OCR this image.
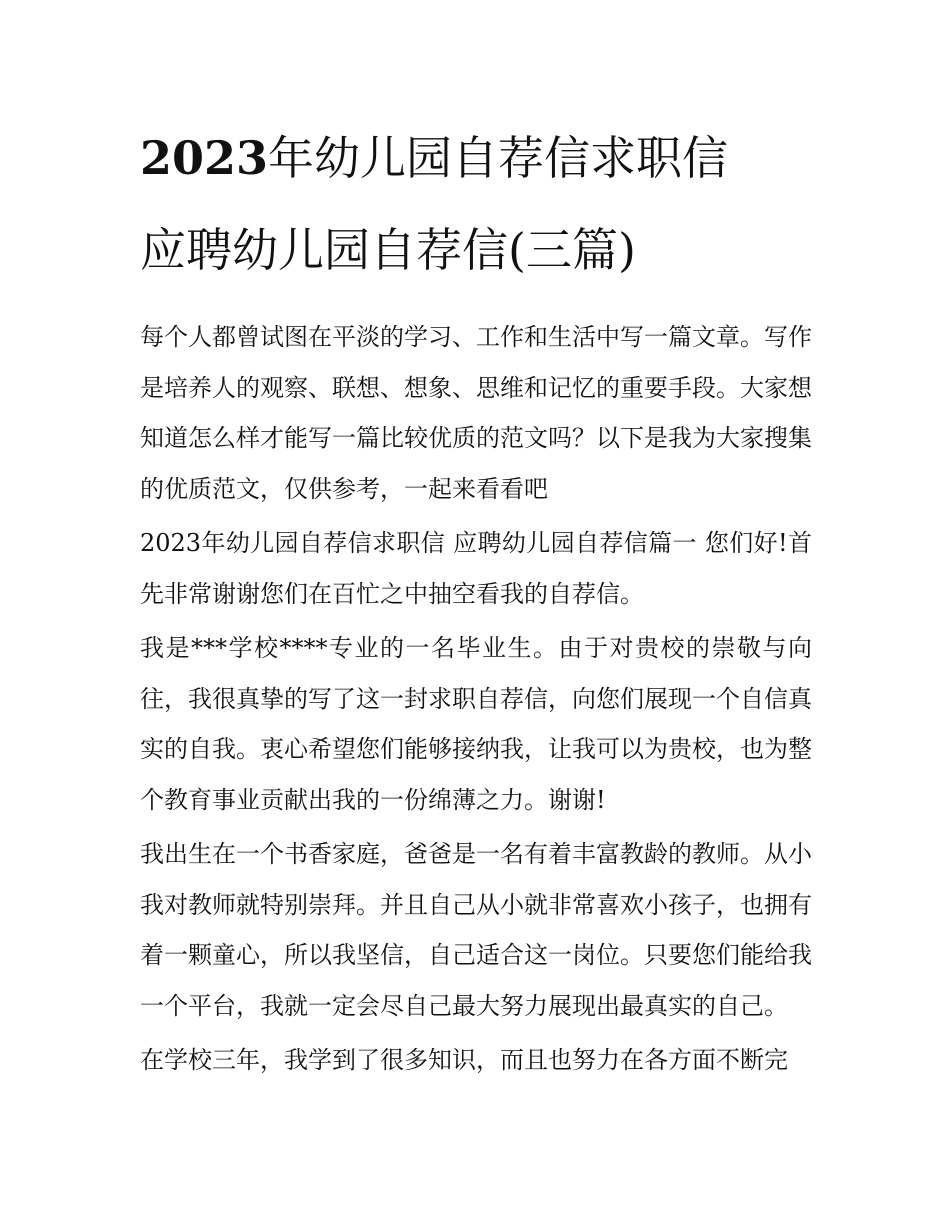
2023年幼儿园自荐信求职信
应聘幼儿园自荐信(三篇)

每个人都曾试图在平淡的学习、工作和生活中写一篇文章。写作是培养人的观察、联想、想象、思维和记忆的重要手段。大家想知道怎么样才能写一篇比较优质的范文吗？以下是我为大家搜集的优质范文，仅供参考，一起来看看吧

2023年幼儿园自荐信求职信 应聘幼儿园自荐信篇一 您们好!首先非常谢谢您们在百忙之中抽空看我的自荐信。

我是***学校****专业的一名毕业生。由于对贵校的崇敬与向往，我很真挚的写了这一封求职自荐信，向您们展现一个自信真实的自我。衷心希望您们能够接纳我，让我可以为贵校，也为整个教育事业贡献出我的一份绵薄之力。谢谢!

我出生在一个书香家庭，爸爸是一名有着丰富教龄的教师。从小我对教师就特别崇拜。并且自己从小就非常喜欢小孩子，也拥有着一颗童心，所以我坚信，自己适合这一岗位。只要您们能给我一个平台，我就一定会尽自己最大努力展现出最真实的自己。

在学校三年，我学到了很多知识，而且也努力在各方面不断完
